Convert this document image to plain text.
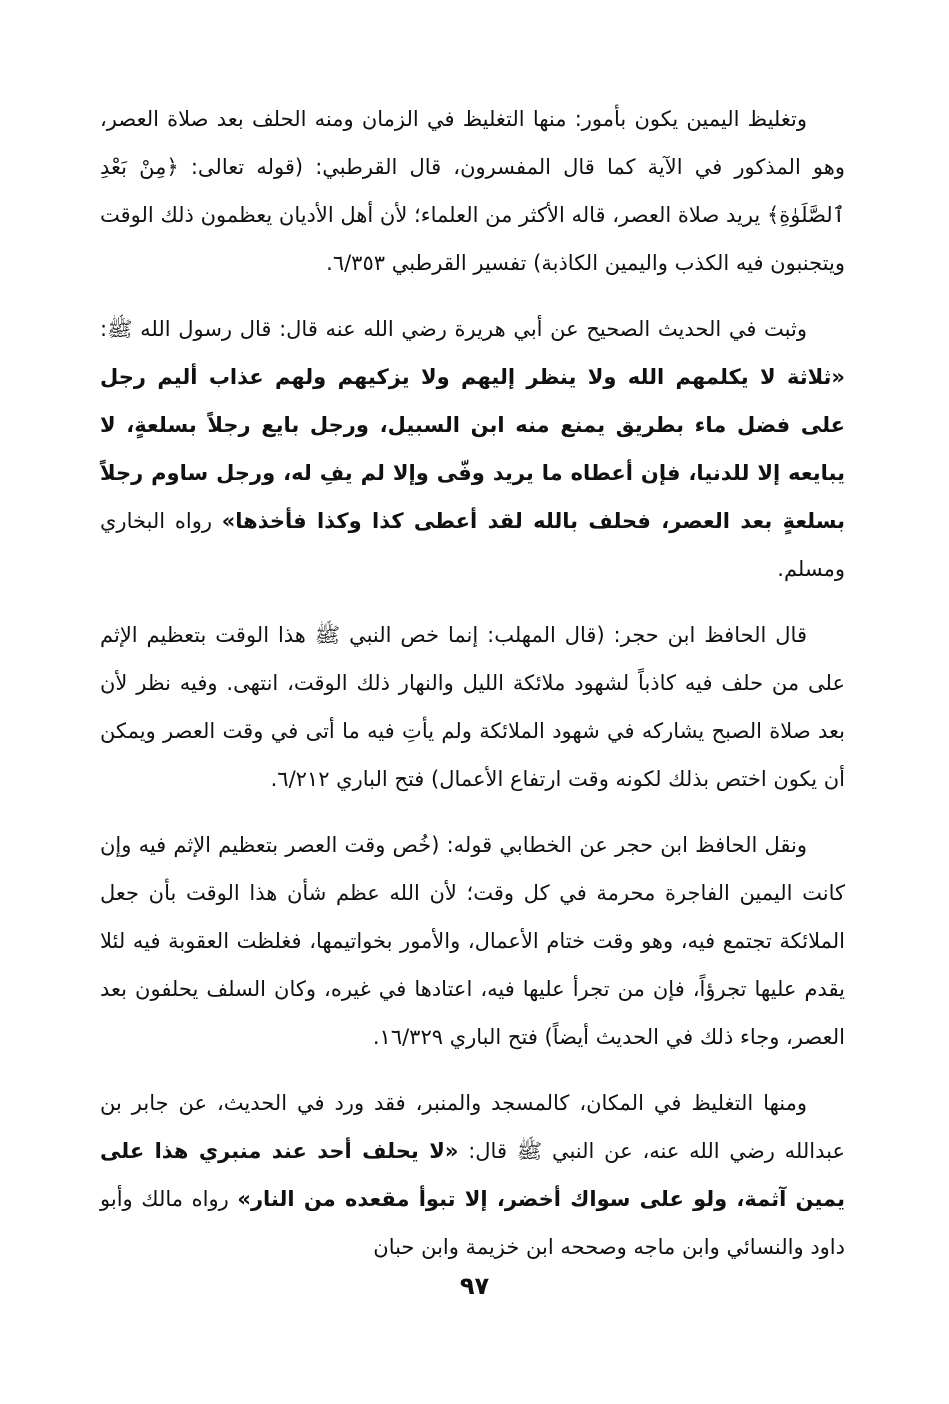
وتغليظ اليمين يكون بأمور: منها التغليظ في الزمان ومنه الحلف بعد صلاة العصر، وهو المذكور في الآية كما قال المفسرون، قال القرطبي: (قوله تعالى: ﴿مِنْ بَعْدِ ٱلصَّلَوٰةِ﴾ يريد صلاة العصر، قاله الأكثر من العلماء؛ لأن أهل الأديان يعظمون ذلك الوقت ويتجنبون فيه الكذب واليمين الكاذبة) تفسير القرطبي ٦/٣٥٣.

وثبت في الحديث الصحيح عن أبي هريرة رضي الله عنه قال: قال رسول الله ﷺ: «ثلاثة لا يكلمهم الله ولا ينظر إليهم ولا يزكيهم ولهم عذاب أليم رجل على فضل ماء بطريق يمنع منه ابن السبيل، ورجل بايع رجلاً بسلعةٍ، لا يبايعه إلا للدنيا، فإن أعطاه ما يريد وفّى وإلا لم يفِ له، ورجل ساوم رجلاً بسلعةٍ بعد العصر، فحلف بالله لقد أعطى كذا وكذا فأخذها» رواه البخاري ومسلم.

قال الحافظ ابن حجر: (قال المهلب: إنما خص النبي ﷺ هذا الوقت بتعظيم الإثم على من حلف فيه كاذباً لشهود ملائكة الليل والنهار ذلك الوقت، انتهى. وفيه نظر لأن بعد صلاة الصبح يشاركه في شهود الملائكة ولم يأتِ فيه ما أتى في وقت العصر ويمكن أن يكون اختص بذلك لكونه وقت ارتفاع الأعمال) فتح الباري ٦/٢١٢.

ونقل الحافظ ابن حجر عن الخطابي قوله: (خُص وقت العصر بتعظيم الإثم فيه وإن كانت اليمين الفاجرة محرمة في كل وقت؛ لأن الله عظم شأن هذا الوقت بأن جعل الملائكة تجتمع فيه، وهو وقت ختام الأعمال، والأمور بخواتيمها، فغلظت العقوبة فيه لئلا يقدم عليها تجرؤاً، فإن من تجرأ عليها فيه، اعتادها في غيره، وكان السلف يحلفون بعد العصر، وجاء ذلك في الحديث أيضاً) فتح الباري ١٦/٣٢٩.

ومنها التغليظ في المكان، كالمسجد والمنبر، فقد ورد في الحديث، عن جابر بن عبدالله رضي الله عنه، عن النبي ﷺ قال: «لا يحلف أحد عند منبري هذا على يمين آثمة، ولو على سواك أخضر، إلا تبوأ مقعده من النار» رواه مالك وأبو داود والنسائي وابن ماجه وصححه ابن خزيمة وابن حبان

٩٧
